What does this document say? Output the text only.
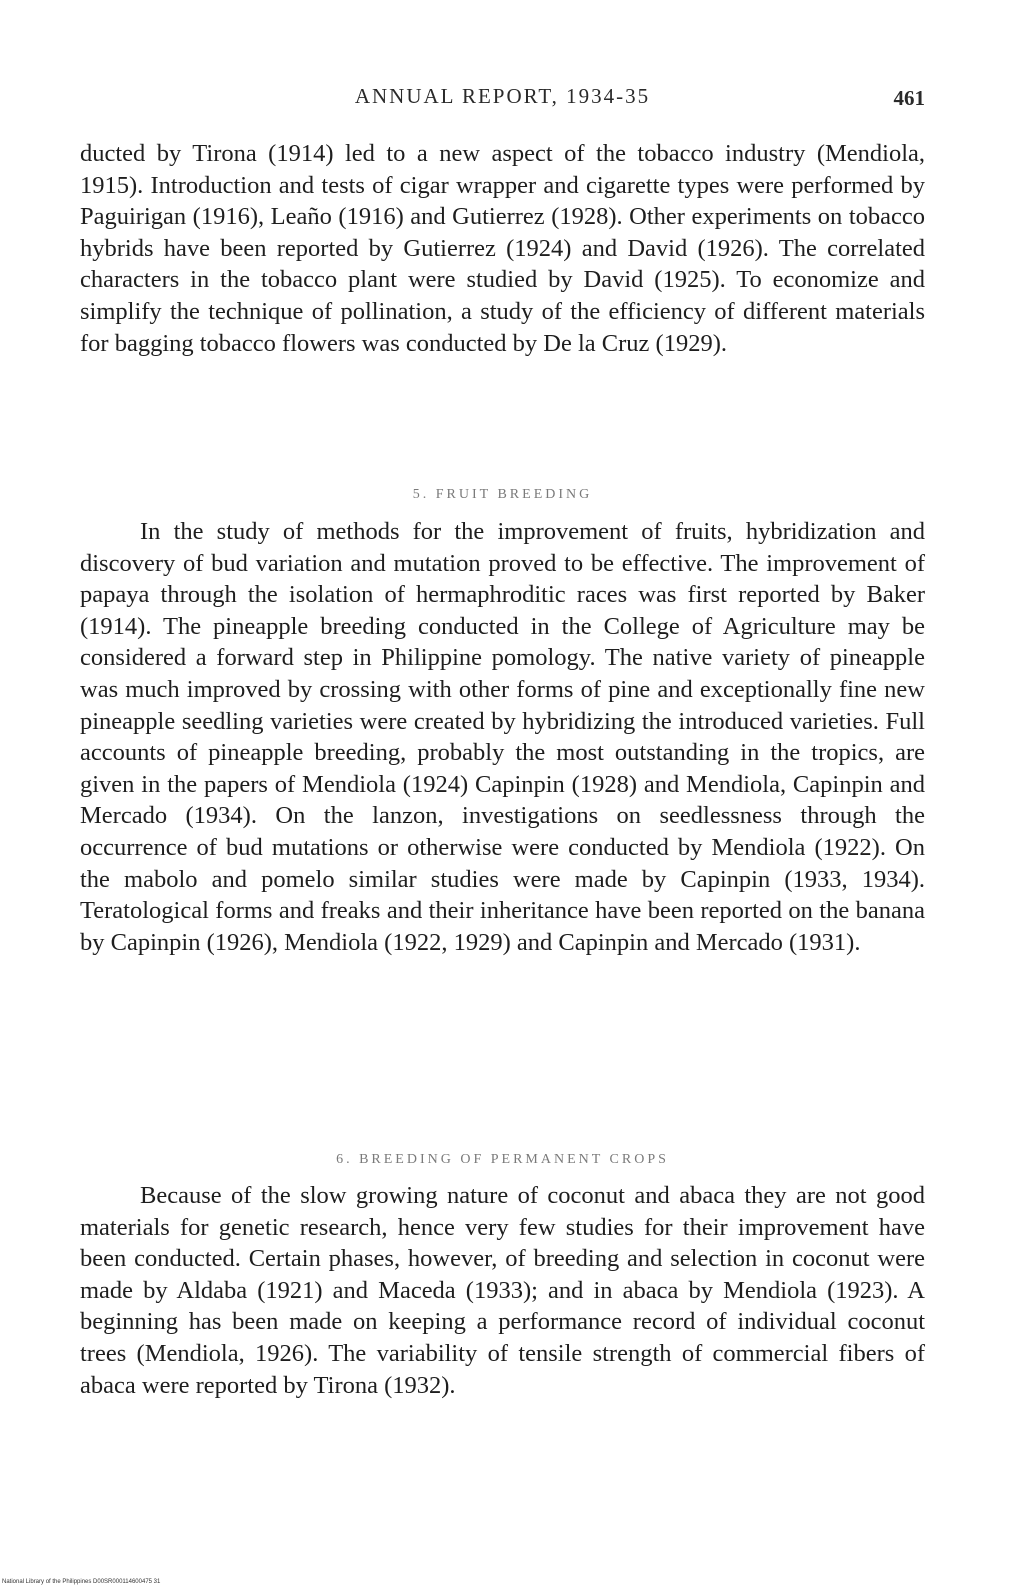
ANNUAL REPORT, 1934-35	461

ducted by Tirona (1914) led to a new aspect of the tobacco industry (Mendiola, 1915). Introduction and tests of cigar wrapper and cigarette types were performed by Paguirigan (1916), Leaño (1916) and Gutierrez (1928). Other experiments on tobacco hybrids have been reported by Gutierrez (1924) and David (1926). The correlated characters in the tobacco plant were studied by David (1925). To economize and simplify the technique of pollination, a study of the efficiency of different materials for bagging tobacco flowers was conducted by De la Cruz (1929).

5. FRUIT BREEDING

In the study of methods for the improvement of fruits, hybridization and discovery of bud variation and mutation proved to be effective. The improvement of papaya through the isolation of hermaphroditic races was first reported by Baker (1914). The pineapple breeding conducted in the College of Agriculture may be considered a forward step in Philippine pomology. The native variety of pineapple was much improved by crossing with other forms of pine and exceptionally fine new pineapple seedling varieties were created by hybridizing the introduced varieties. Full accounts of pineapple breeding, probably the most outstanding in the tropics, are given in the papers of Mendiola (1924) Capinpin (1928) and Mendiola, Capinpin and Mercado (1934). On the lanzon, investigations on seedlessness through the occurrence of bud mutations or otherwise were conducted by Mendiola (1922). On the mabolo and pomelo similar studies were made by Capinpin (1933, 1934). Teratological forms and freaks and their inheritance have been reported on the banana by Capinpin (1926), Mendiola (1922, 1929) and Capinpin and Mercado (1931).

6. BREEDING OF PERMANENT CROPS

Because of the slow growing nature of coconut and abaca they are not good materials for genetic research, hence very few studies for their improvement have been conducted. Certain phases, however, of breeding and selection in coconut were made by Aldaba (1921) and Maceda (1933); and in abaca by Mendiola (1923). A beginning has been made on keeping a performance record of individual coconut trees (Mendiola, 1926). The variability of tensile strength of commercial fibers of abaca were reported by Tirona (1932).

National Library of the Philippines D00SR000114600475 31
